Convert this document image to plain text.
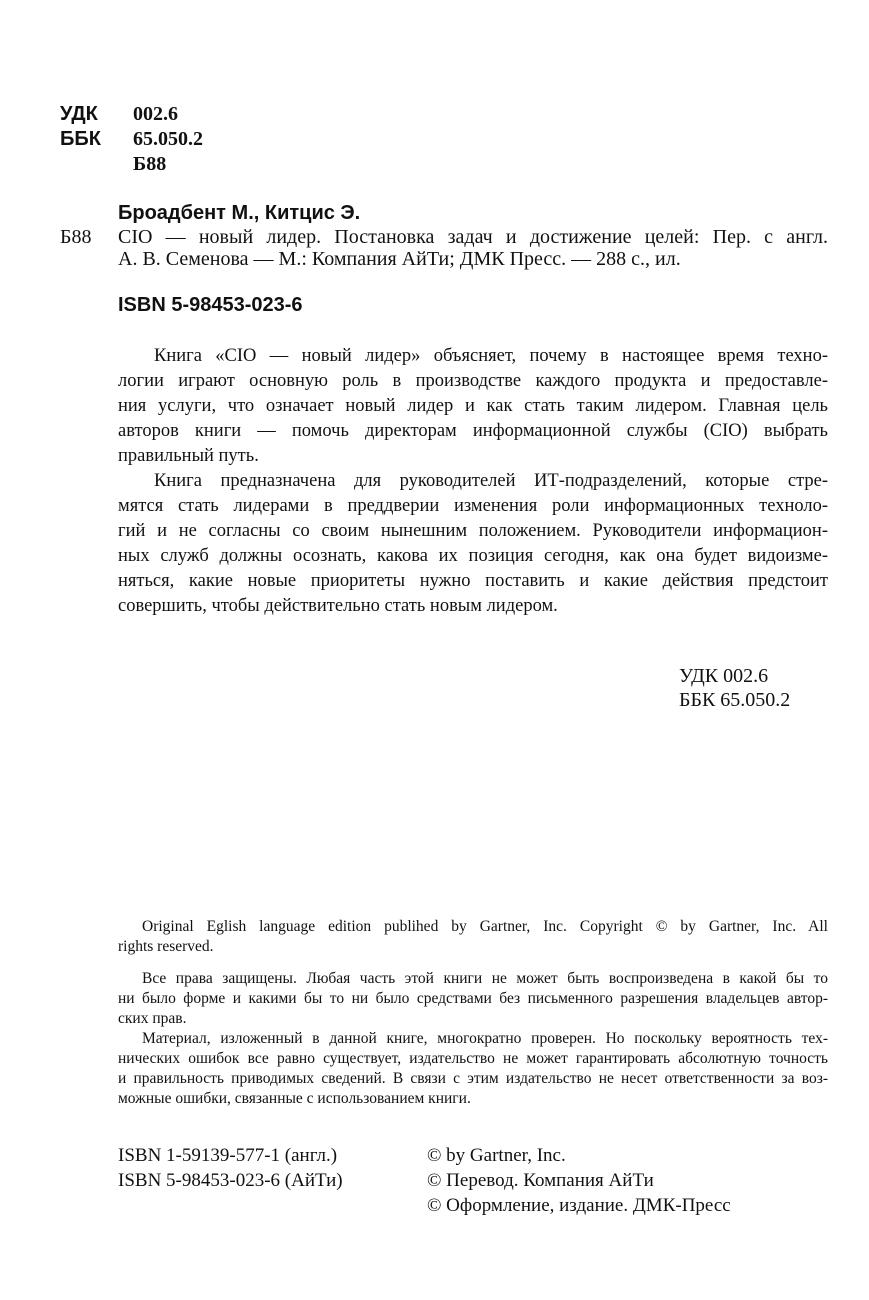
УДК 002.6
ББК 65.050.2
Б88
Броадбент М., Китцис Э.
Б88 CIO — новый лидер. Постановка задач и достижение целей: Пер. с англ.
А. В. Семенова — М.: Компания АйТи; ДМК Пресс. — 288 с., ил.
ISBN 5-98453-023-6
Книга «CIO — новый лидер» объясняет, почему в настоящее время техно-
логии играют основную роль в производстве каждого продукта и предоставле-
ния услуги, что означает новый лидер и как стать таким лидером. Главная цель
авторов книги — помочь директорам информационной службы (CIO) выбрать
правильный путь.
Книга предназначена для руководителей ИТ-подразделений, которые стре-
мятся стать лидерами в преддверии изменения роли информационных техноло-
гий и не согласны со своим нынешним положением. Руководители информацион-
ных служб должны осознать, какова их позиция сегодня, как она будет видоизме-
няться, какие новые приоритеты нужно поставить и какие действия предстоит
совершить, чтобы действительно стать новым лидером.
УДК 002.6
ББК 65.050.2
Original Eglish language edition publihed by Gartner, Inc. Copyright © by Gartner, Inc. All
rights reserved.
Все права защищены. Любая часть этой книги не может быть воспроизведена в какой бы то
ни было форме и какими бы то ни было средствами без письменного разрешения владельцев автор-
ских прав.
Материал, изложенный в данной книге, многократно проверен. Но поскольку вероятность тех-
нических ошибок все равно существует, издательство не может гарантировать абсолютную точность
и правильность приводимых сведений. В связи с этим издательство не несет ответственности за воз-
можные ошибки, связанные с использованием книги.
ISBN 1-59139-577-1 (англ.)
ISBN 5-98453-023-6 (АйТи)
© by Gartner, Inc.
© Перевод. Компания АйТи
© Оформление, издание. ДМК-Пресс
